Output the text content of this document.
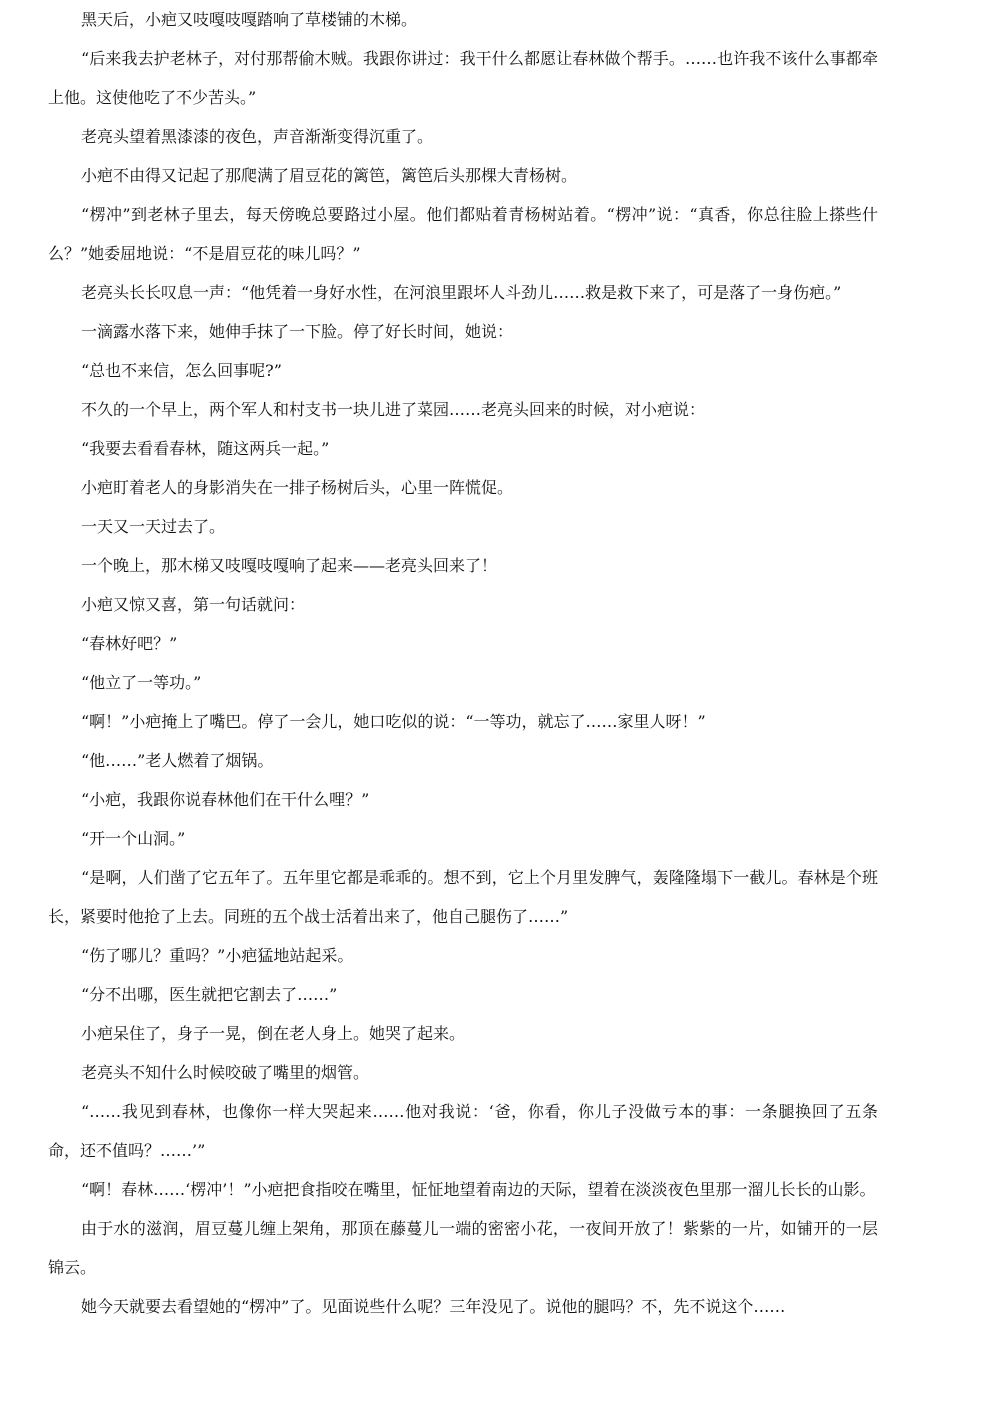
黑天后，小疤又吱嘎吱嘎踏响了草楼铺的木梯。

“后来我去护老林子，对付那帮偷木贼。我跟你讲过：我干什么都愿让春林做个帮手。……也许我不该什么事都牵上他。这使他吃了不少苦头。”

老亮头望着黑漆漆的夜色，声音渐渐变得沉重了。

小疤不由得又记起了那爬满了眉豆花的篱笆，篱笆后头那棵大青杨树。

“楞冲”到老林子里去，每天傍晚总要路过小屋。他们都贴着青杨树站着。“楞冲”说：“真香，你总往脸上搽些什么？”她委屈地说：“不是眉豆花的味儿吗？”

老亮头长长叹息一声：“他凭着一身好水性，在河浪里跟坏人斗劲儿……救是救下来了，可是落了一身伤疤。”

一滴露水落下来，她伸手抹了一下脸。停了好长时间，她说：

“总也不来信，怎么回事呢?”

不久的一个早上，两个军人和村支书一块儿进了菜园……老亮头回来的时候，对小疤说：

“我要去看看春林，随这两兵一起。”

小疤盯着老人的身影消失在一排子杨树后头，心里一阵慌促。

一天又一天过去了。

一个晚上，那木梯又吱嘎吱嘎响了起来——老亮头回来了！

小疤又惊又喜，第一句话就问：

“春林好吧？”

“他立了一等功。”

“啊！”小疤掩上了嘴巴。停了一会儿，她口吃似的说：“一等功，就忘了……家里人呀！”

“他……”老人燃着了烟锅。

“小疤，我跟你说春林他们在干什么哩？”

“开一个山洞。”

“是啊，人们凿了它五年了。五年里它都是乖乖的。想不到，它上个月里发脾气，轰隆隆塌下一截儿。春林是个班长，紧要时他抢了上去。同班的五个战士活着出来了，他自己腿伤了……”

“伤了哪儿？重吗？”小疤猛地站起采。

“分不出哪，医生就把它割去了……”

小疤呆住了，身子一晃，倒在老人身上。她哭了起来。

老亮头不知什么时候咬破了嘴里的烟管。

“……我见到春林，也像你一样大哭起来……他对我说：‘爸，你看，你儿子没做亏本的事：一条腿换回了五条命，还不值吗？……’”

“啊！春林……‘楞冲’！”小疤把食指咬在嘴里，怔怔地望着南边的天际，望着在淡淡夜色里那一溜儿长长的山影。

由于水的滋润，眉豆蔓儿缠上架角，那顶在藤蔓儿一端的密密小花，一夜间开放了！紫紫的一片，如铺开的一层锦云。

她今天就要去看望她的“楞冲”了。见面说些什么呢？三年没见了。说他的腿吗？不，先不说这个……
